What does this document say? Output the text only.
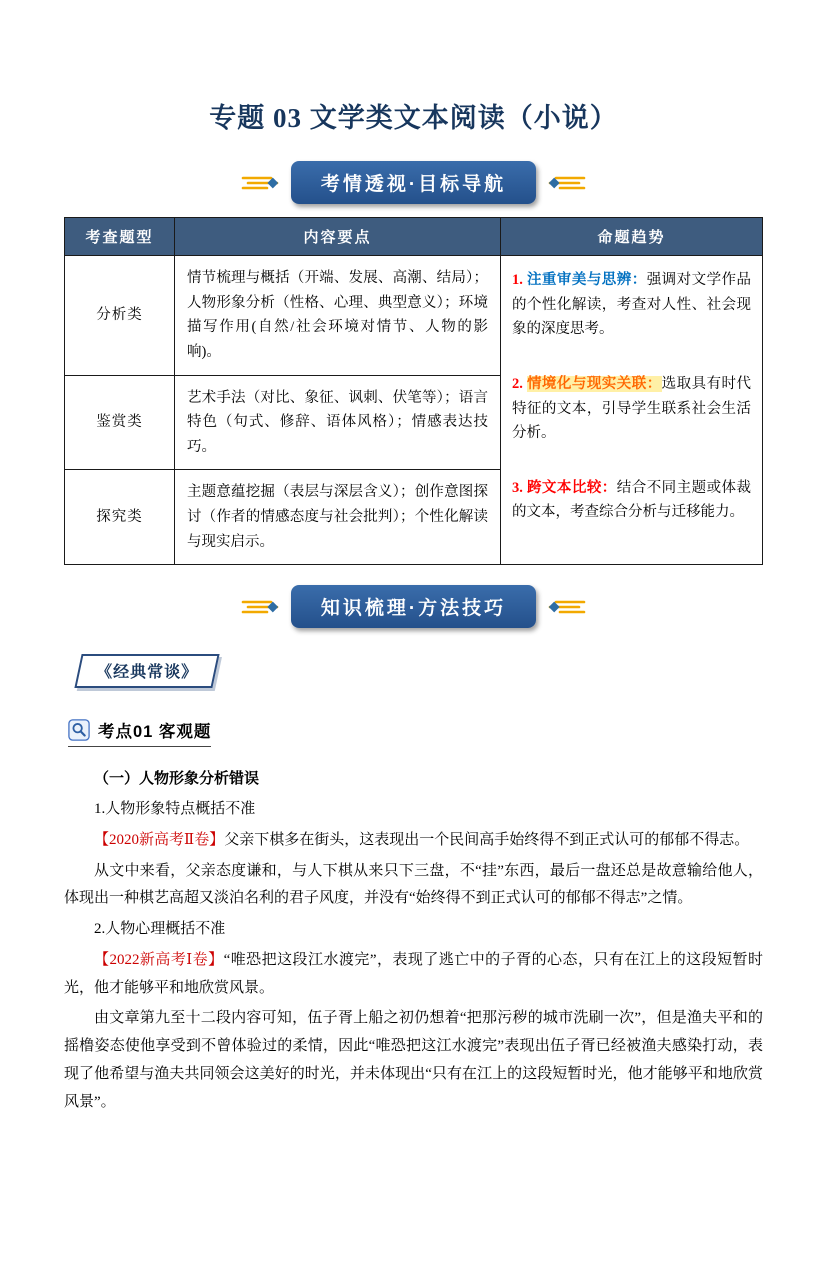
专题 03 文学类文本阅读（小说）
考情透视·目标导航
考查题型	内容要点	命题趋势
分析类	情节梳理与概括（开端、发展、高潮、结局）；人物形象分析（性格、心理、典型意义）；环境描写作用(自然/社会环境对情节、人物的影响)。	1. 注重审美与思辨：强调对文学作品的个性化解读，考查对人性、社会现象的深度思考。
2. 情境化与现实关联：选取具有时代特征的文本，引导学生联系社会生活分析。
3. 跨文本比较：结合不同主题或体裁的文本，考查综合分析与迁移能力。

鉴赏类	艺术手法（对比、象征、讽刺、伏笔等）；语言特色（句式、修辞、语体风格）；情感表达技巧。	
探究类	主题意蕴挖掘（表层与深层含义）；创作意图探讨（作者的情感态度与社会批判）；个性化解读与现实启示。	
知识梳理·方法技巧
《经典常谈》
考点01 客观题

（一）人物形象分析错误

1.人物形象特点概括不准

【2020新高考Ⅱ卷】父亲下棋多在街头，这表现出一个民间高手始终得不到正式认可的郁郁不得志。

从文中来看，父亲态度谦和，与人下棋从来只下三盘，不“挂”东西，最后一盘还总是故意输给他人，体现出一种棋艺高超又淡泊名利的君子风度，并没有“始终得不到正式认可的郁郁不得志”之情。

2.人物心理概括不准

【2022新高考Ⅰ卷】“唯恐把这段江水渡完”，表现了逃亡中的子胥的心态，只有在江上的这段短暂时光，他才能够平和地欣赏风景。

由文章第九至十二段内容可知，伍子胥上船之初仍想着“把那污秽的城市洗刷一次”，但是渔夫平和的摇橹姿态使他享受到不曾体验过的柔情，因此“唯恐把这江水渡完”表现出伍子胥已经被渔夫感染打动，表现了他希望与渔夫共同领会这美好的时光，并未体现出“只有在江上的这段短暂时光，他才能够平和地欣赏风景”。
